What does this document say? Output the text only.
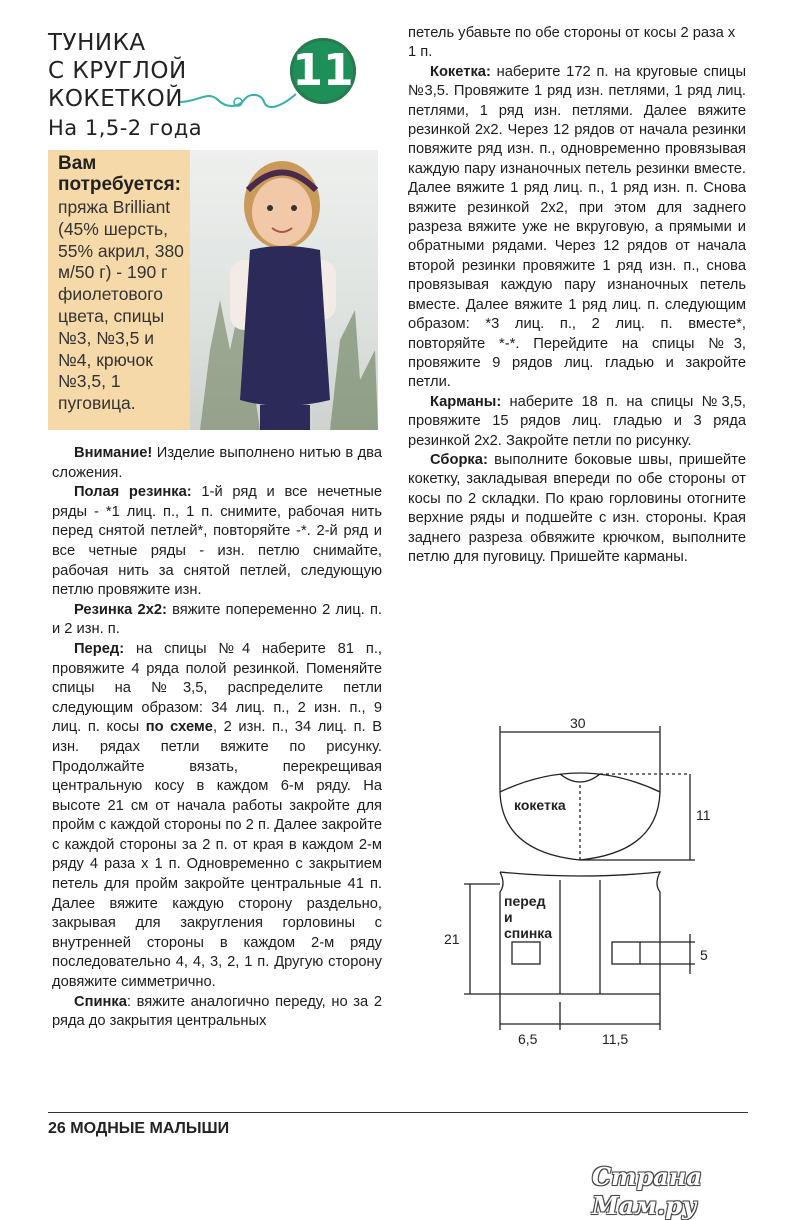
ТУНИКА
С КРУГЛОЙ
КОКЕТКОЙ
На 1,5-2 года
11
Вам потребуется:
пряжа Brilliant (45% шерсть, 55% акрил, 380 м/50 г) - 190 г фиолетового цвета, спицы №3, №3,5 и №4, крючок №3,5, 1 пуговица.

Внимание! Изделие выполнено нитью в два сложения.

Полая резинка: 1-й ряд и все нечетные ряды - *1 лиц. п., 1 п. снимите, рабочая нить перед снятой петлей*, повторяйте -*. 2-й ряд и все четные ряды - изн. петлю снимайте, рабочая нить за снятой петлей, следующую петлю провяжите изн.

Резинка 2х2: вяжите попеременно 2 лиц. п. и 2 изн. п.

Перед: на спицы №4 наберите 81 п., провяжите 4 ряда полой резинкой. Поменяйте спицы на №3,5, распределите петли следующим образом: 34 лиц. п., 2 изн. п., 9 лиц. п. косы по схеме, 2 изн. п., 34 лиц. п. В изн. рядах петли вяжите по рисунку. Продолжайте вязать, перекрещивая центральную косу в каждом 6-м ряду. На высоте 21 см от начала работы закройте для пройм с каждой стороны по 2 п. Далее закройте с каждой стороны за 2 п. от края в каждом 2-м ряду 4 раза х 1 п. Одновременно с закрытием петель для пройм закройте центральные 41 п. Далее вяжите каждую сторону раздельно, закрывая для закругления горловины с внутренней стороны в каждом 2-м ряду последовательно 4, 4, 3, 2, 1 п. Другую сторону довяжите симметрично.

Спинка: вяжите аналогично переду, но за 2 ряда до закрытия центральных

петель убавьте по обе стороны от косы 2 раза х 1 п.

Кокетка: наберите 172 п. на круговые спицы №3,5. Провяжите 1 ряд изн. петлями, 1 ряд лиц. петлями, 1 ряд изн. петлями. Далее вяжите резинкой 2х2. Через 12 рядов от начала резинки повяжите ряд изн. п., одновременно провязывая каждую пару изнаночных петель резинки вместе. Далее вяжите 1 ряд лиц. п., 1 ряд изн. п. Снова вяжите резинкой 2х2, при этом для заднего разреза вяжите уже не вкруговую, а прямыми и обратными рядами. Через 12 рядов от начала второй резинки провяжите 1 ряд изн. п., снова провязывая каждую пару изнаночных петель вместе. Далее вяжите 1 ряд лиц. п. следующим образом: *3 лиц. п., 2 лиц. п. вместе*, повторяйте *-*. Перейдите на спицы №3, провяжите 9 рядов лиц. гладью и закройте петли.

Карманы: наберите 18 п. на спицы №3,5, провяжите 15 рядов лиц. гладью и 3 ряда резинкой 2х2. Закройте петли по рисунку.

Сборка: выполните боковые швы, пришейте кокетку, закладывая впереди по обе стороны от косы по 2 складки. По краю горловины отогните верхние ряды и подшейте с изн. стороны. Края заднего разреза обвяжите крючком, выполните петлю для пуговицу. Пришейте карманы.

30
11
кокетка
перед
и
спинка
21
5
6,5	11,5
26 МОДНЫЕ МАЛЫШИ
Страна Мам.ру
